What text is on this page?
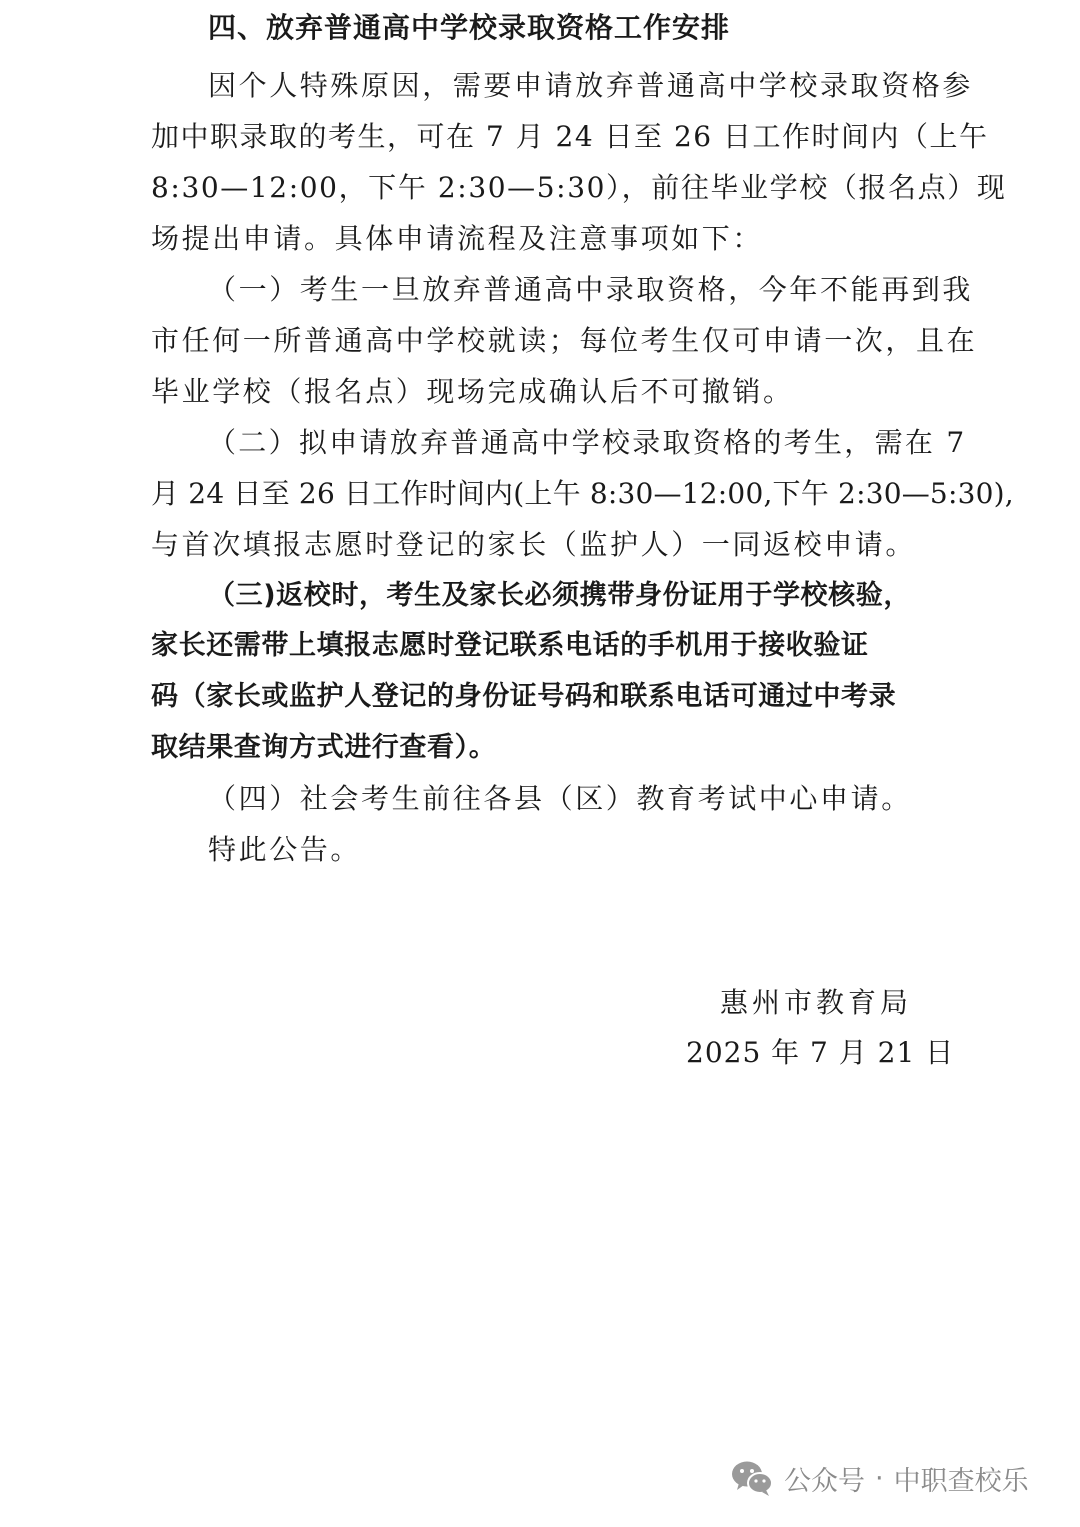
四、放弃普通高中学校录取资格工作安排
因个人特殊原因，需要申请放弃普通高中学校录取资格参
加中职录取的考生，可在 7 月 24 日至 26 日工作时间内（上午
8:30—12:00，下午 2:30—5:30），前往毕业学校（报名点）现
场提出申请。具体申请流程及注意事项如下：
（一）考生一旦放弃普通高中录取资格，今年不能再到我
市任何一所普通高中学校就读；每位考生仅可申请一次，且在
毕业学校（报名点）现场完成确认后不可撤销。
（二）拟申请放弃普通高中学校录取资格的考生，需在 7
月 24 日至 26 日工作时间内(上午 8:30—12:00,下午 2:30—5:30),
与首次填报志愿时登记的家长（监护人）一同返校申请。
（三)返校时，考生及家长必须携带身份证用于学校核验，
家长还需带上填报志愿时登记联系电话的手机用于接收验证
码（家长或监护人登记的身份证号码和联系电话可通过中考录
取结果查询方式进行查看）。
（四）社会考生前往各县（区）教育考试中心申请。
特此公告。
惠州市教育局
2025 年 7 月 21 日
公众号 · 中职查校乐
